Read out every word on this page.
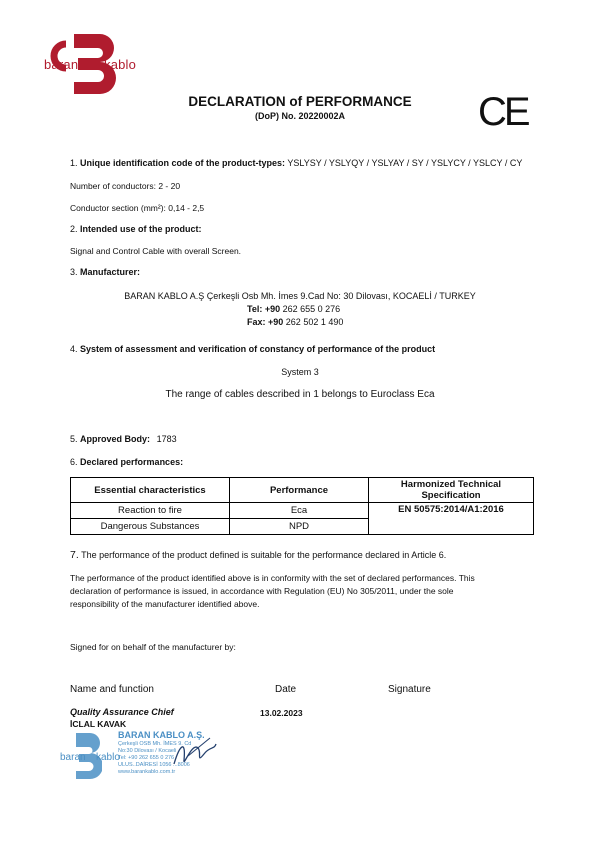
baran kablo
DECLARATION of PERFORMANCE
(DoP) No. 20220002A	CE
1. Unique identification code of the product-types: YSLYSY / YSLYQY / YSLYAY / SY / YSLYCY / YSLCY / CY
Number of conductors: 2 - 20
Conductor section (mm²): 0,14 - 2,5
2. Intended use of the product:
Signal and Control Cable with overall Screen.
3. Manufacturer:
BARAN KABLO A.Ş Çerkeşli Osb Mh. İmes 9.Cad No: 30 Dilovası, KOCAELİ / TURKEY
Tel: +90 262 655 0 276
Fax: +90 262 502 1 490
4. System of assessment and verification of constancy of performance of the product
System 3
The range of cables described in 1 belongs to Euroclass Eca
5. Approved Body: 1783
6. Declared performances:
Essential characteristics	Performance	Harmonized Technical Specification
Reaction to fire	Eca	EN 50575:2014/A1:2016
Dangerous Substances	NPD	
7. The performance of the product defined is suitable for the performance declared in Article 6.
The performance of the product identified above is in conformity with the set of declared performances. This
declaration of performance is issued, in accordance with Regulation (EU) No 305/2011, under the sole
responsibility of the manufacturer identified above.
Signed for on behalf of the manufacturer by:
Name and function	Date	Signature
Quality Assurance Chief	13.02.2023
İCLAL KAVAK
baran kablo
BARAN KABLO A.Ş.
Çerkeşli OSB Mh. İMES 9. Cd
No:30 Dilovası / Kocaeli
Tel: +90 262 655 0 276
ULUS..DAİRESİ 1056 ...8006
www.barankablo.com.tr
